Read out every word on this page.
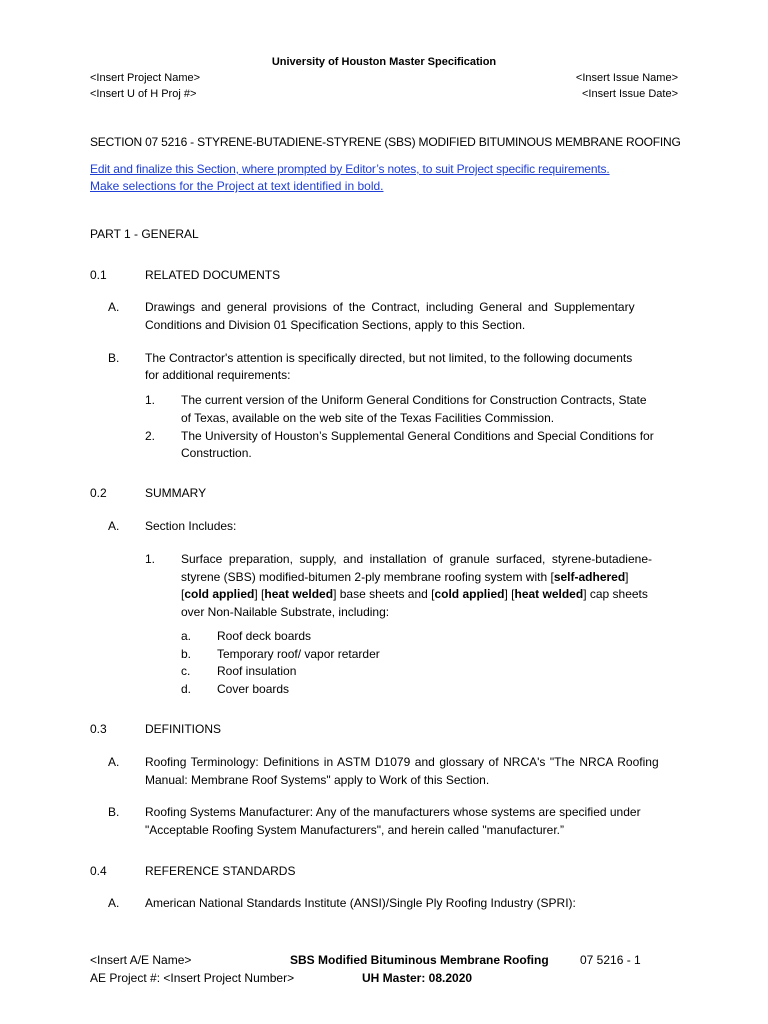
University of Houston Master Specification
<Insert Project Name>
<Insert U of H Proj #>
<Insert Issue Name>
<Insert Issue Date>
SECTION 07 5216 - STYRENE-BUTADIENE-STYRENE (SBS) MODIFIED BITUMINOUS MEMBRANE ROOFING
Edit and finalize this Section, where prompted by Editor’s notes, to suit Project specific requirements.
Make selections for the Project at text identified in bold.
PART 1 - GENERAL
0.1	RELATED DOCUMENTS
A. Drawings and general provisions of the Contract, including General and Supplementary
Conditions and Division 01 Specification Sections, apply to this Section.
B. The Contractor's attention is specifically directed, but not limited, to the following documents
for additional requirements:
1. The current version of the Uniform General Conditions for Construction Contracts, State
of Texas, available on the web site of the Texas Facilities Commission.
2. The University of Houston’s Supplemental General Conditions and Special Conditions for
Construction.
0.2	SUMMARY
A. Section Includes:
1. Surface preparation, supply, and installation of granule surfaced, styrene-butadiene-
styrene (SBS) modified-bitumen 2-ply membrane roofing system with [self-adhered]
[cold applied] [heat welded] base sheets and [cold applied] [heat welded] cap sheets
over Non-Nailable Substrate, including:
a. Roof deck boards
b. Temporary roof/ vapor retarder
c. Roof insulation
d. Cover boards
0.3	DEFINITIONS
A. Roofing Terminology: Definitions in ASTM D1079 and glossary of NRCA's "The NRCA Roofing
Manual: Membrane Roof Systems" apply to Work of this Section.
B. Roofing Systems Manufacturer: Any of the manufacturers whose systems are specified under
"Acceptable Roofing System Manufacturers", and herein called "manufacturer.”
0.4	REFERENCE STANDARDS
A. American National Standards Institute (ANSI)/Single Ply Roofing Industry (SPRI):
<Insert A/E Name>
AE Project #: <Insert Project Number>
SBS Modified Bituminous Membrane Roofing
UH Master: 08.2020
07 5216 - 1
